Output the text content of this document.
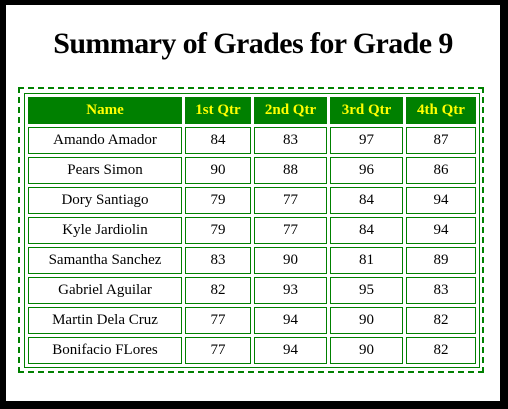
Summary of Grades for Grade 9
Name	1st Qtr	2nd Qtr	3rd Qtr	4th Qtr
Amando Amador	84	83	97	87
Pears Simon	90	88	96	86
Dory Santiago	79	77	84	94
Kyle Jardiolin	79	77	84	94
Samantha Sanchez	83	90	81	89
Gabriel Aguilar	82	93	95	83
Martin Dela Cruz	77	94	90	82
Bonifacio FLores	77	94	90	82
